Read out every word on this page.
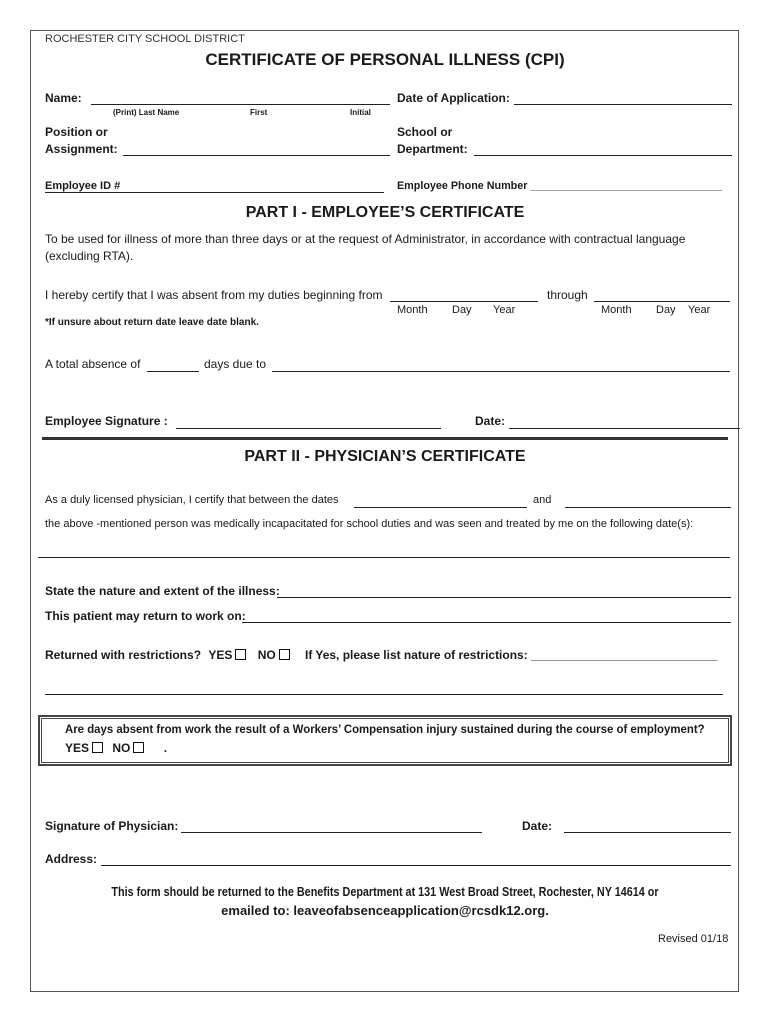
ROCHESTER CITY SCHOOL DISTRICT
CERTIFICATE OF PERSONAL ILLNESS (CPI)
Name:
(Print) Last Name	First	Initial
Date of Application:
Position or
Assignment:
School or
Department:
Employee ID #	Employee Phone Number ________________________________
PART I - EMPLOYEE’S CERTIFICATE
To be used for illness of more than three days or at the request of Administrator, in accordance with contractual language
(excluding RTA).
I hereby certify that I was absent from my duties beginning from
Month Day Year
through
Month Day Year
*If unsure about return date leave date blank.
A total absence of	days due to
Employee Signature :	Date:
PART II - PHYSICIAN’S CERTIFICATE
As a duly licensed physician, I certify that between the dates	and
the above -mentioned person was medically incapacitated for school duties and was seen and treated by me on the following date(s):
State the nature and extent of the illness:
This patient may return to work on:
Returned with restrictions? YES NO	If Yes, please list nature of restrictions: ____________________________
Are days absent from work the result of a Workers’ Compensation injury sustained during the course of employment?
YES NO	.
Signature of Physician:	Date:
Address:
This form should be returned to the Benefits Department at 131 West Broad Street, Rochester, NY 14614 or
emailed to: leaveofabsenceapplication@rcsdk12.org.
Revised 01/18
